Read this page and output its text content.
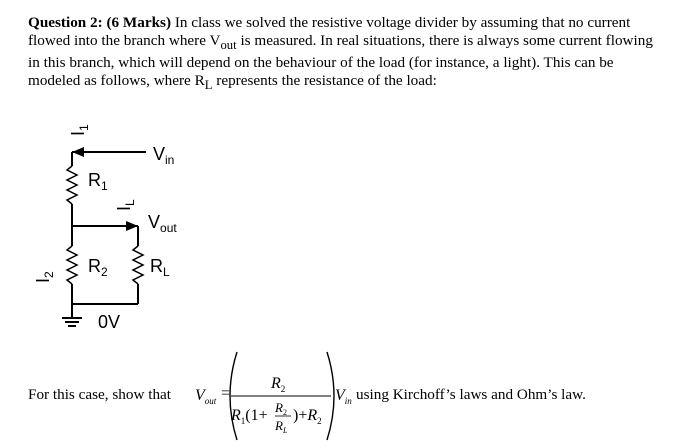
Question 2: (6 Marks) In class we solved the resistive voltage divider by assuming that no current flowed into the branch where $V_{out}$ is measured. In real situations, there is always some current flowing in this branch, which will depend on the behaviour of the load (for instance, a light). This can be modeled as follows, where $R_L$ represents the resistance of the load:
$I_1$
$V_{in}$
$R_1$
$I_L$
$V_{out}$
$I_2$ $R_2$ $R_L$
0V
For this case, show that $V_{out}$ =
$R_2$
$R_1(1+ R_2$
$R_L$
)$+R_2$
$V_{in}$ using Kirchoff’s laws and Ohm’s law.
